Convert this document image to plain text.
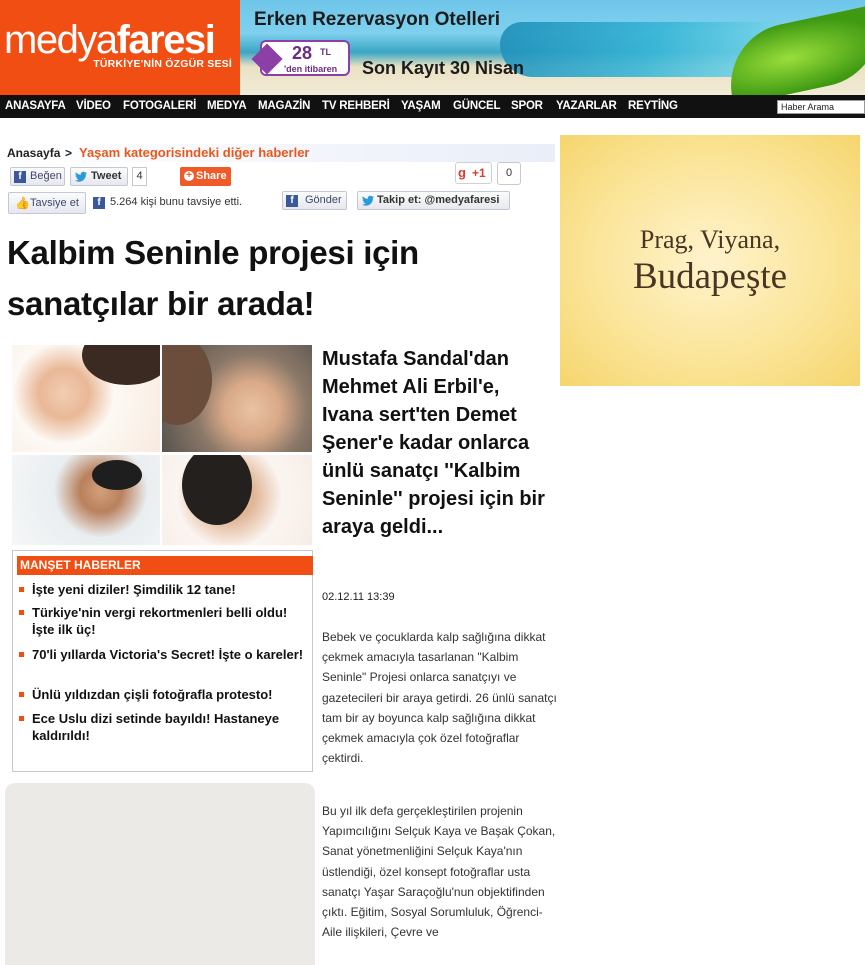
medyafaresi
TÜRKİYE'NİN ÖZGÜR SESİ
Erken Rezervasyon Otelleri
28 TL
'den itibaren Son Kayıt 30 Nisan
ANASAYFA VİDEO FOTOGALERİ MEDYA MAGAZİN TV REHBERİ YAŞAM GÜNCEL SPOR YAZARLAR REYTİNG
Haber Arama
Anasayfa > Yaşam kategorisindeki diğer haberler
f Beğen	Tweet	4	+ Share	g +1	0
👍 Tavsiye et	f 5.264 kişi bunu tavsiye etti.	f	Gönder	Takip et: @medyafaresi
Kalbim Seninle projesi için sanatçılar bir arada!
MANŞET HABERLER
İşte yeni diziler! Şimdilik 12 tane!
Türkiye'nin vergi rekortmenleri belli oldu! İşte ilk üç!
70'li yıllarda Victoria's Secret! İşte o kareler!
Ünlü yıldızdan çişli fotoğrafla protesto!
Ece Uslu dizi setinde bayıldı! Hastaneye kaldırıldı!
Mustafa Sandal'dan Mehmet Ali Erbil'e, Ivana sert'ten Demet Şener'e kadar onlarca ünlü sanatçı ''Kalbim Seninle'' projesi için bir araya geldi...
02.12.11 13:39

Bebek ve çocuklarda kalp sağlığına dikkat çekmek amacıyla tasarlanan "Kalbim Seninle" Projesi onlarca sanatçıyı ve gazetecileri bir araya getirdi. 26 ünlü sanatçı tam bir ay boyunca kalp sağlığına dikkat çekmek amacıyla çok özel fotoğraflar çektirdi.

Bu yıl ilk defa gerçekleştirilen projenin Yapımcılığını Selçuk Kaya ve Başak Çokan, Sanat yönetmenliğini Selçuk Kaya'nın üstlendiği, özel konsept fotoğraflar usta sanatçı Yaşar Saraçoğlu'nun objektifinden çıktı. Eğitim, Sosyal Sorumluluk, Öğrenci- Aile ilişkileri, Çevre ve

Prag, Viyana,
Budapeşte
